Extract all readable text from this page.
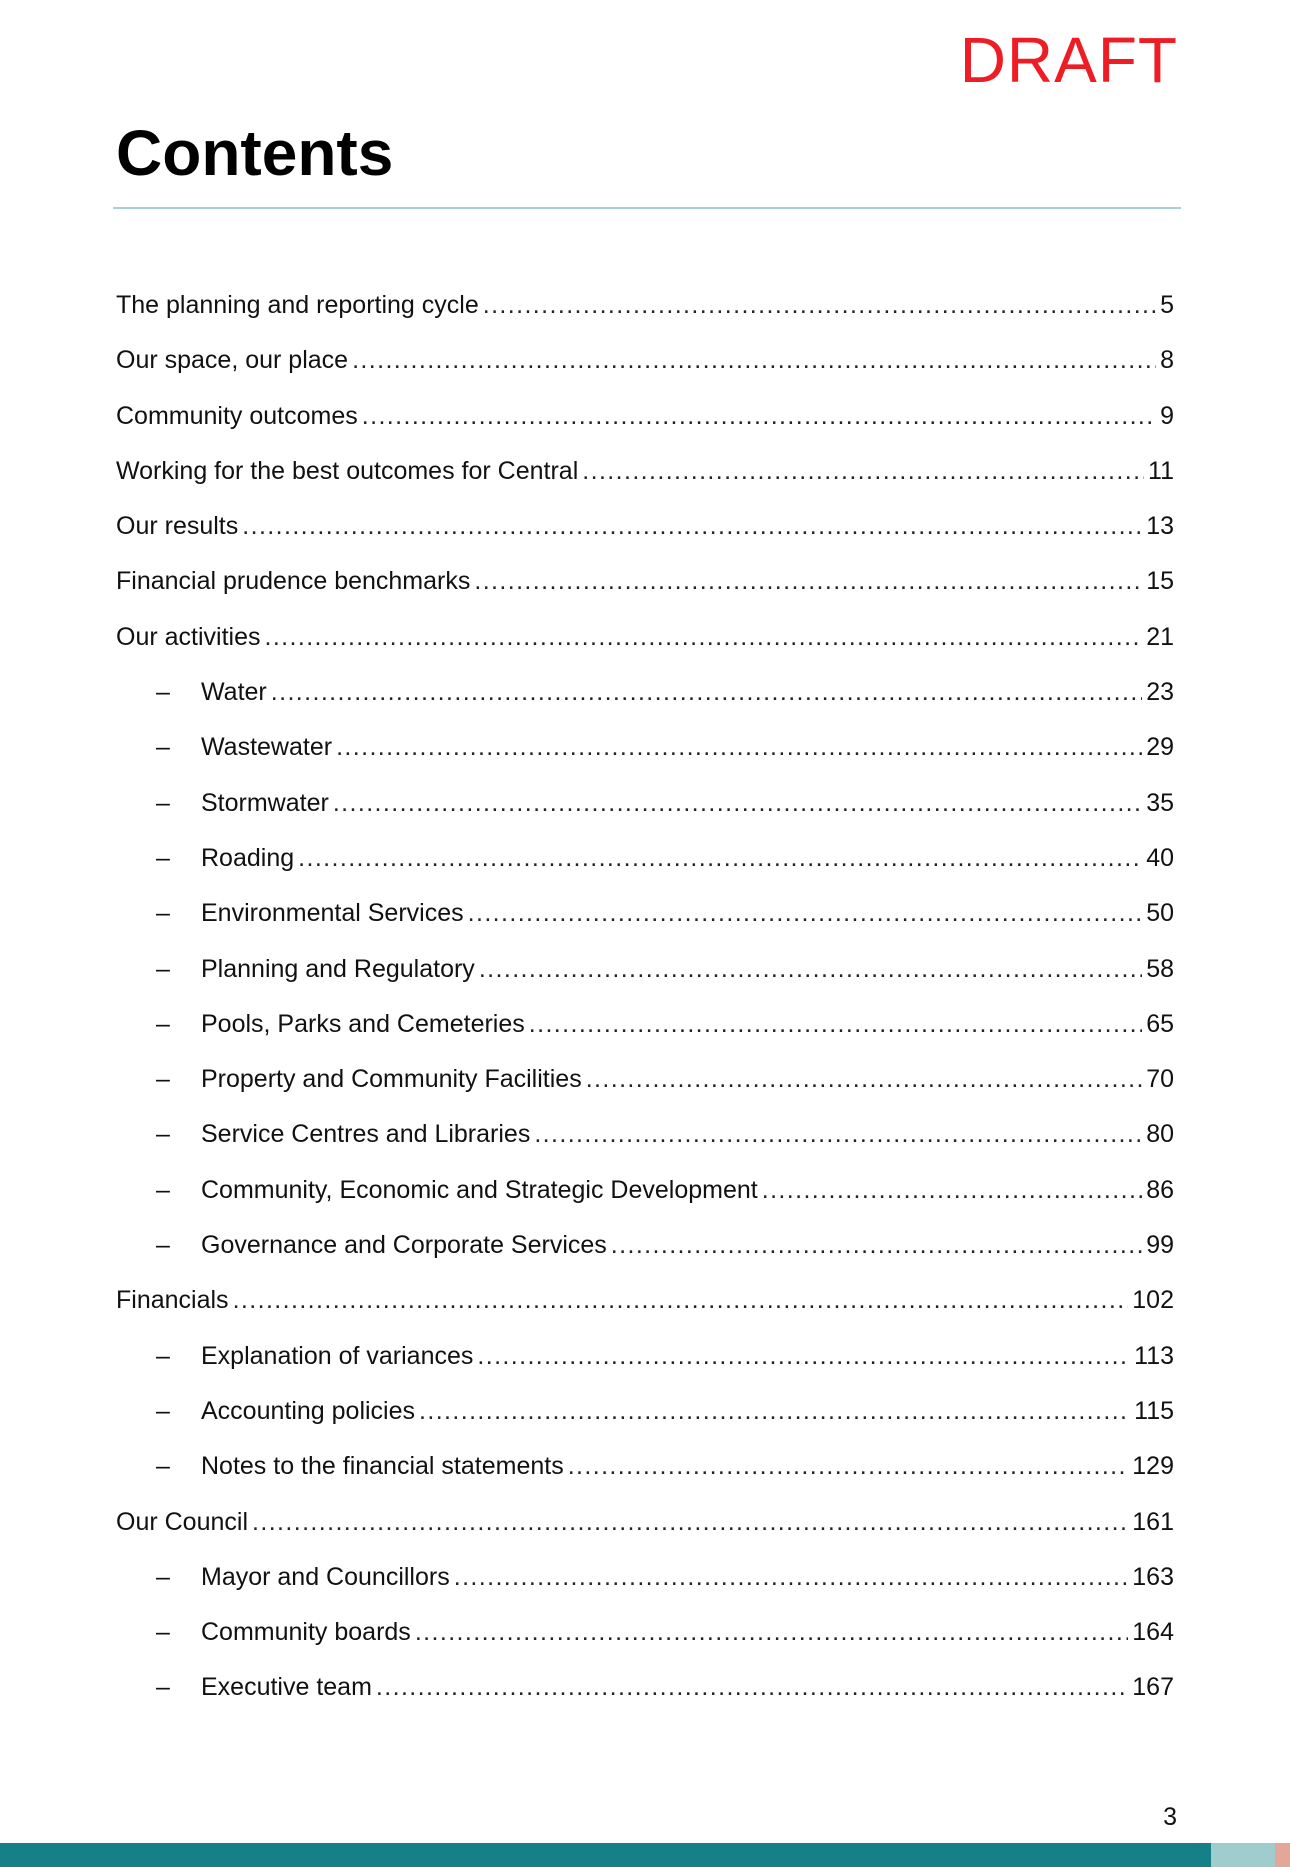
DRAFT
Contents
The planning and reporting cycle .....	5
Our space, our place .....	8
Community outcomes .....	9
Working for the best outcomes for Central .....	11
Our results .....	13
Financial prudence benchmarks .....	15
Our activities .....	21
–	Water .....	23
–	Wastewater .....	29
–	Stormwater .....	35
–	Roading .....	40
–	Environmental Services .....	50
–	Planning and Regulatory .....	58
–	Pools, Parks and Cemeteries .....	65
–	Property and Community Facilities .....	70
–	Service Centres and Libraries .....	80
–	Community, Economic and Strategic Development .....	86
–	Governance and Corporate Services .....	99
Financials .....	102
–	Explanation of variances .....	113
–	Accounting policies .....	115
–	Notes to the financial statements .....	129
Our Council .....	161
–	Mayor and Councillors .....	163
–	Community boards .....	164
–	Executive team .....	167
3
